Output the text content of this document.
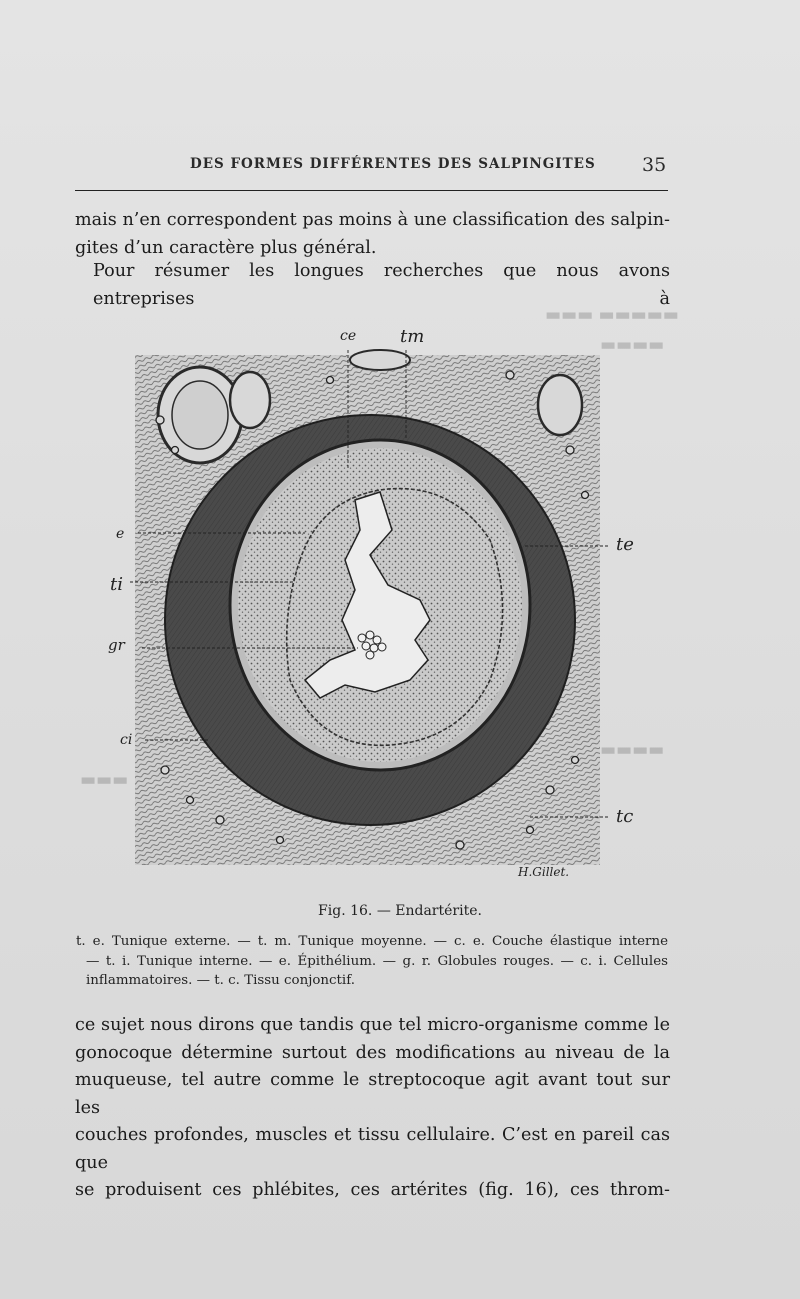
▬▬▬▬▬ ▬▬▬
▬▬▬▬
▬▬▬▬
▬▬▬
DES FORMES DIFFÉRENTES DES SALPINGITES 35
mais n’en correspondent pas moins à une classification des salpin-
gites d’un caractère plus général.
Pour résumer les longues recherches que nous avons entreprises à
ce tm
e	te
ti
gr
ci
tc
H.Gillet.
Fig. 16. — Endartérite.
t. e. Tunique externe. — t. m. Tunique moyenne. — c. e. Couche élastique interne
— t. i. Tunique interne. — e. Épithélium. — g. r. Globules rouges. — c. i. Cellules
inflammatoires. — t. c. Tissu conjonctif.
ce sujet nous dirons que tandis que tel micro-organisme comme le
gonocoque détermine surtout des modifications au niveau de la
muqueuse, tel autre comme le streptocoque agit avant tout sur les
couches profondes, muscles et tissu cellulaire. C’est en pareil cas que
se produisent ces phlébites, ces artérites (fig. 16), ces throm-
